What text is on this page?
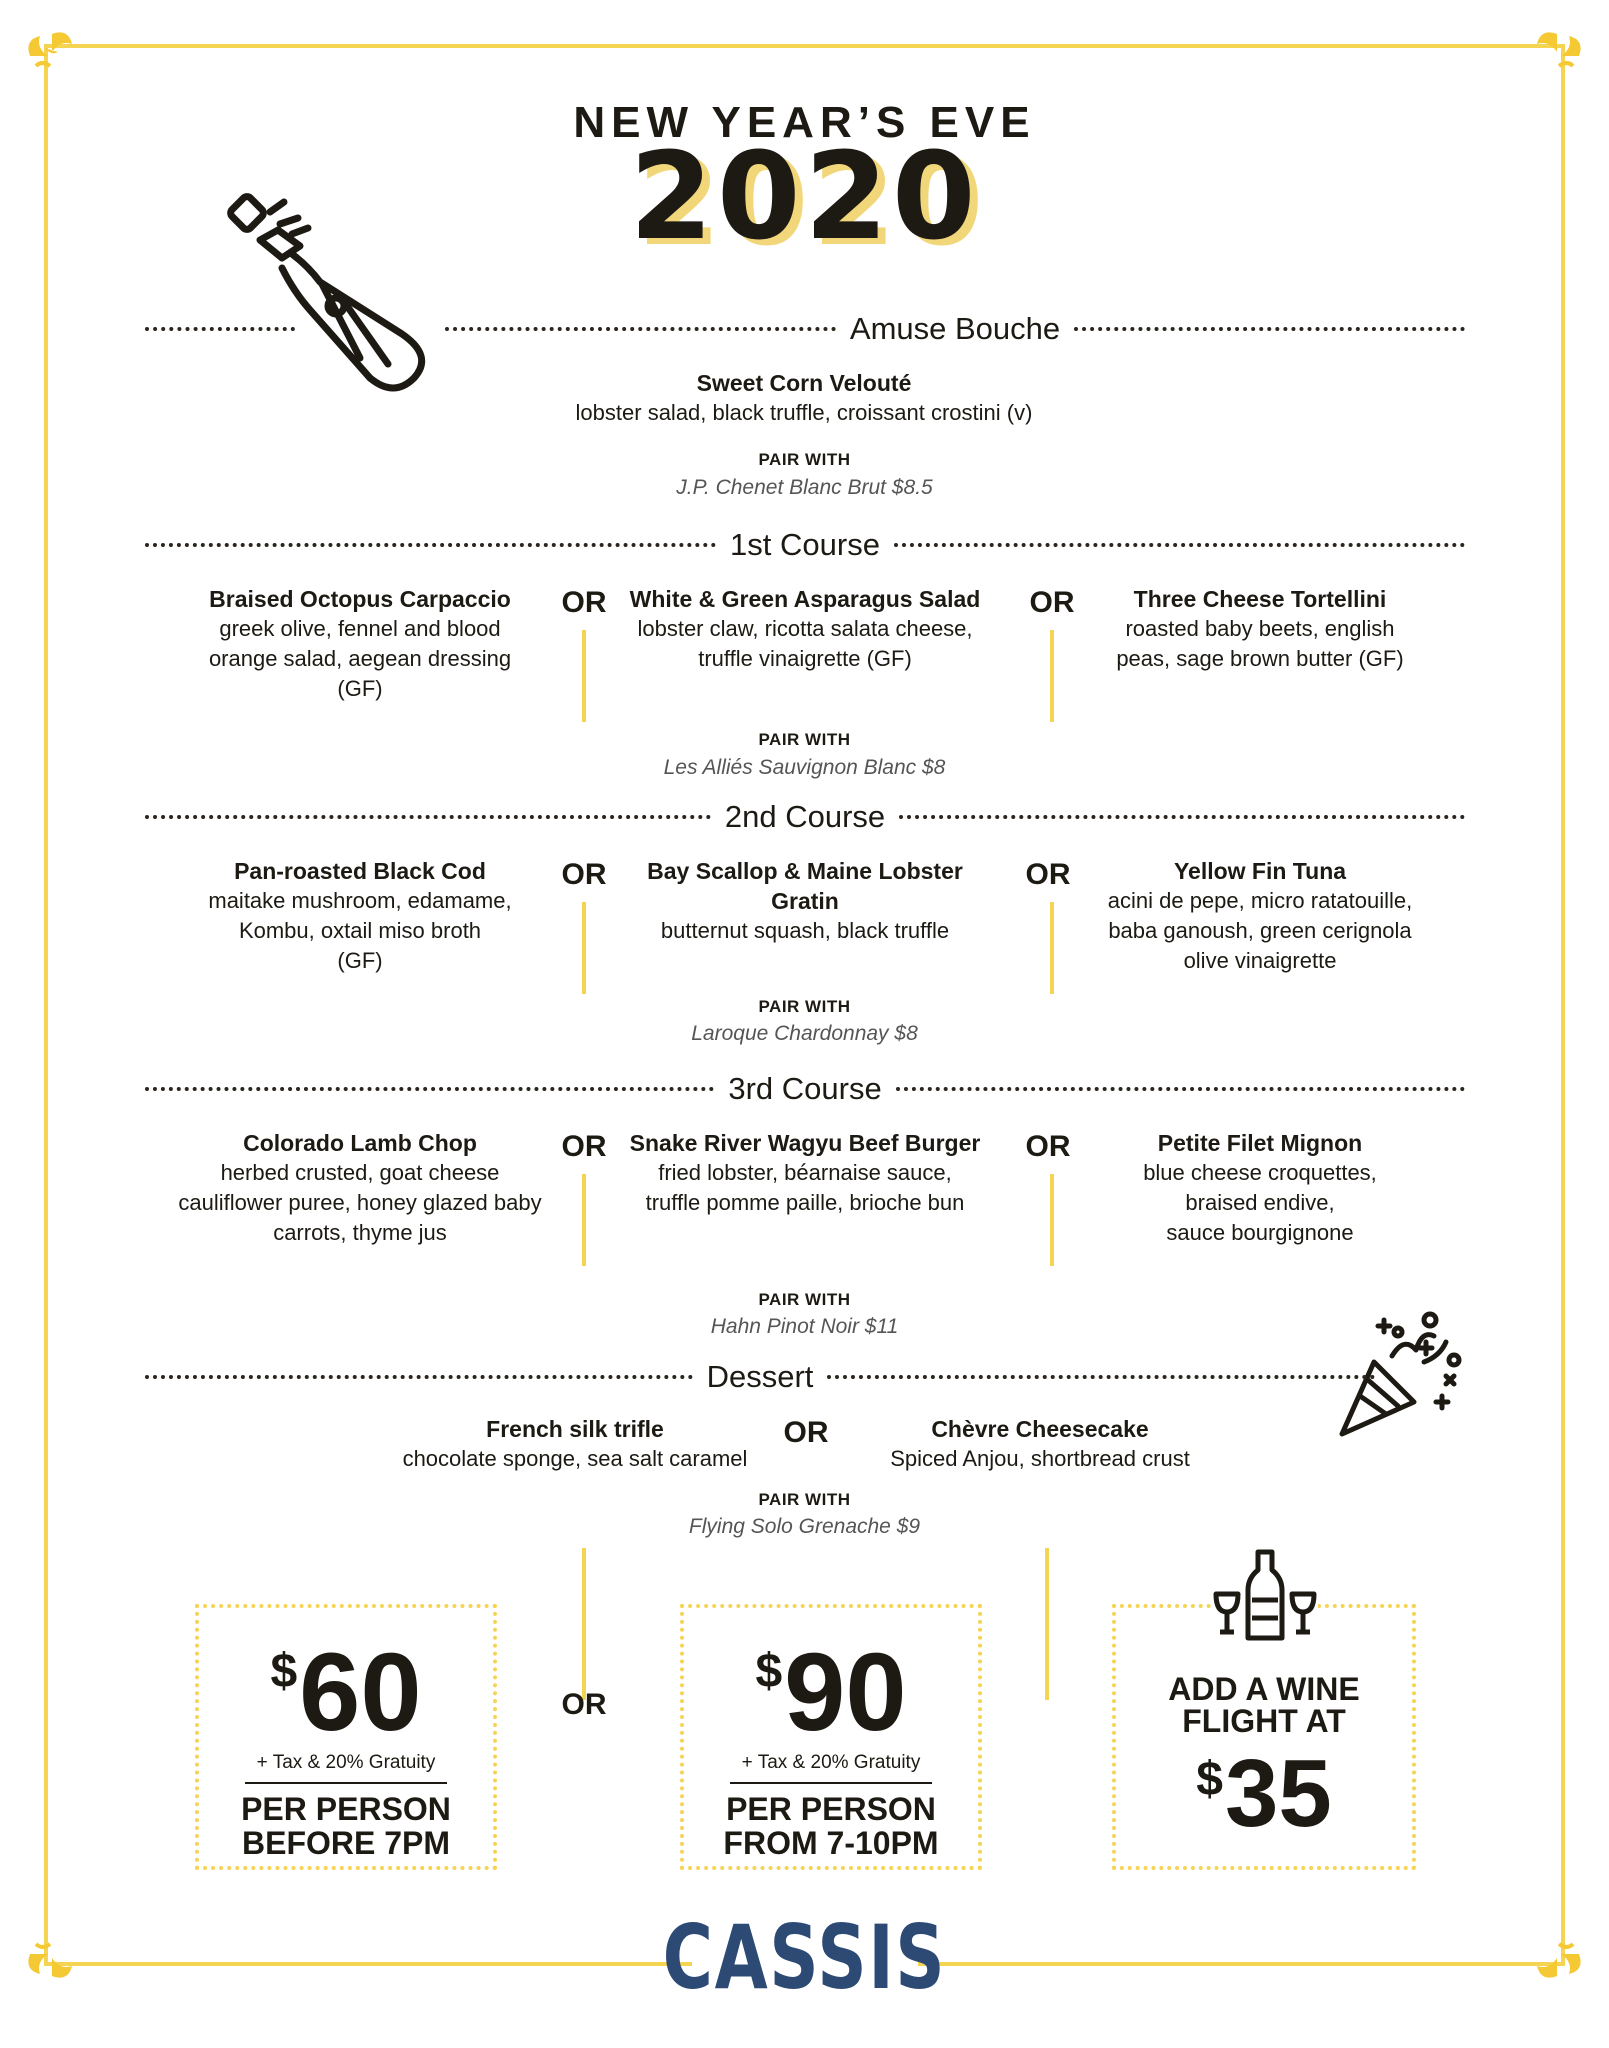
NEW YEAR’S EVE
2020
Amuse Bouche
Sweet Corn Velouté
lobster salad, black truffle, croissant crostini (v)
PAIR WITH
J.P. Chenet Blanc Brut $8.5
1st Course
Braised Octopus Carpaccio
greek olive, fennel and blood
orange salad, aegean dressing
(GF)
OR	White & Green Asparagus Salad
lobster claw, ricotta salata cheese,
truffle vinaigrette (GF)
OR	Three Cheese Tortellini
roasted baby beets, english
peas, sage brown butter (GF)
PAIR WITH
Les Alliés Sauvignon Blanc $8
2nd Course
Pan-roasted Black Cod
maitake mushroom, edamame,
Kombu, oxtail miso broth
(GF)
OR	Bay Scallop & Maine Lobster Gratin
butternut squash, black truffle
OR	Yellow Fin Tuna
acini de pepe, micro ratatouille,
baba ganoush, green cerignola
olive vinaigrette
PAIR WITH
Laroque Chardonnay $8
3rd Course
Colorado Lamb Chop
herbed crusted, goat cheese
cauliflower puree, honey glazed baby
carrots, thyme jus
OR	Snake River Wagyu Beef Burger
fried lobster, béarnaise sauce,
truffle pomme paille, brioche bun
OR	Petite Filet Mignon
blue cheese croquettes,
braised endive,
sauce bourgignone
PAIR WITH
Hahn Pinot Noir $11
Dessert
French silk trifle
chocolate sponge, sea salt caramel
OR	Chèvre Cheesecake
Spiced Anjou, shortbread crust
PAIR WITH
Flying Solo Grenache $9
$60
+ Tax & 20% Gratuity
PER PERSON
BEFORE 7PM
OR
$90
+ Tax & 20% Gratuity
PER PERSON
FROM 7-10PM
ADD A WINE
FLIGHT AT
$35
CASSIS
